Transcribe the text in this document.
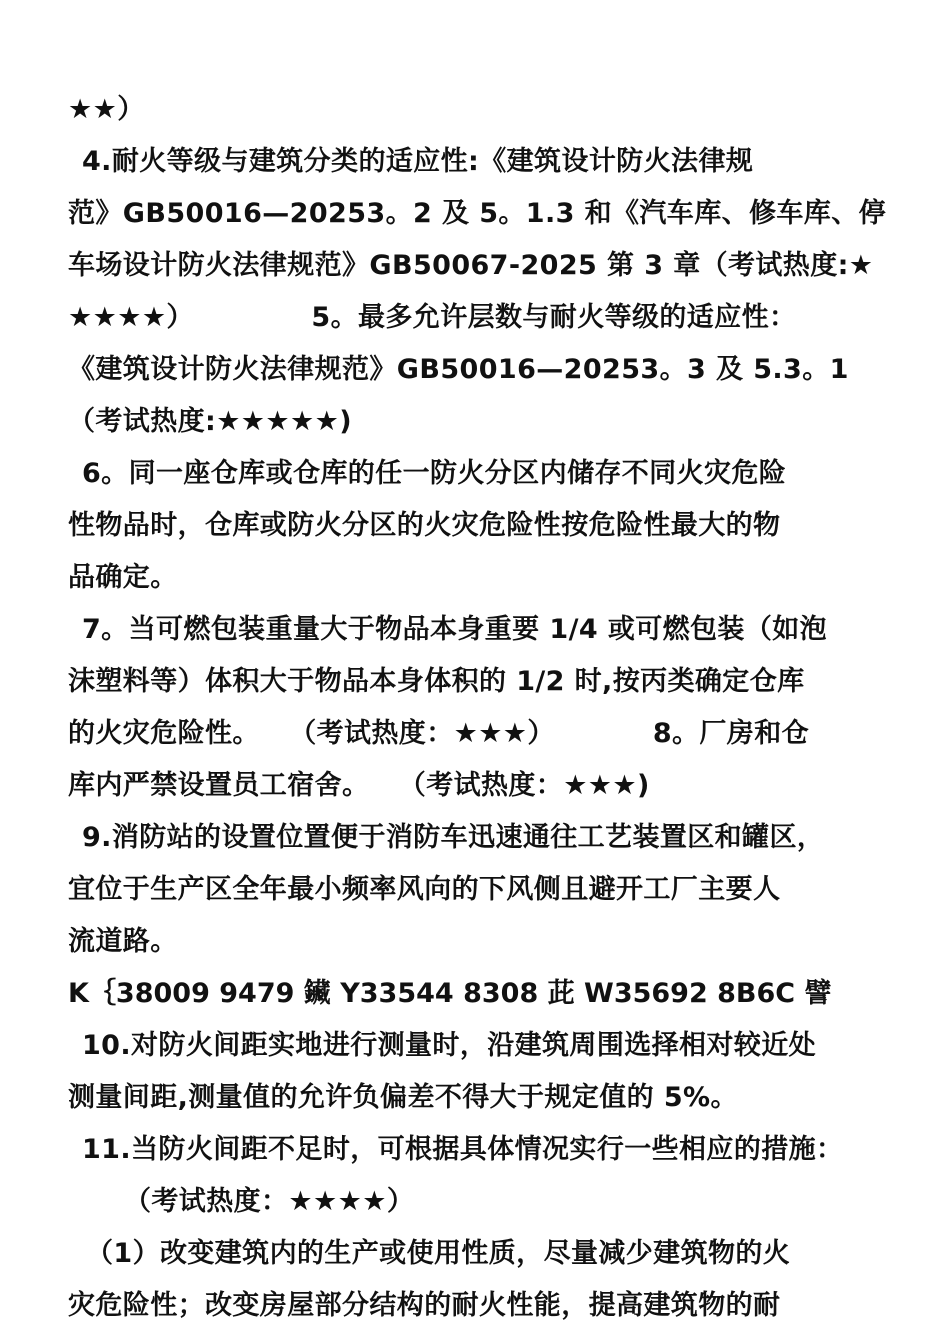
★★）
4.耐火等级与建筑分类的适应性:《建筑设计防火法律规
范》GB50016—20253。2 及 5。1.3 和《汽车库、修车库、停
车场设计防火法律规范》GB50067-2025 第 3 章（考试热度:★
★★★★）            5。最多允许层数与耐火等级的适应性：
《建筑设计防火法律规范》GB50016—20253。3 及 5.3。1
（考试热度:★★★★★)
6。同一座仓库或仓库的任一防火分区内储存不同火灾危险
性物品时，仓库或防火分区的火灾危险性按危险性最大的物
品确定。
7。当可燃包装重量大于物品本身重要 1/4 或可燃包装（如泡
沫塑料等）体积大于物品本身体积的 1/2 时,按丙类确定仓库
的火灾危险性。   （考试热度：★★★）          8。厂房和仓
库内严禁设置员工宿舍。   （考试热度：★★★)
9.消防站的设置位置便于消防车迅速通往工艺装置区和罐区，
宜位于生产区全年最小频率风向的下风侧且避开工厂主要人
流道路。
K｛38009 9479 鑶 Y33544 8308 茈 W35692 8B6C 譬
10.对防火间距实地进行测量时，沿建筑周围选择相对较近处
测量间距,测量值的允许负偏差不得大于规定值的 5%。
11.当防火间距不足时，可根据具体情况实行一些相应的措施：
（考试热度：★★★★）
（1）改变建筑内的生产或使用性质，尽量减少建筑物的火
灾危险性；改变房屋部分结构的耐火性能，提高建筑物的耐
